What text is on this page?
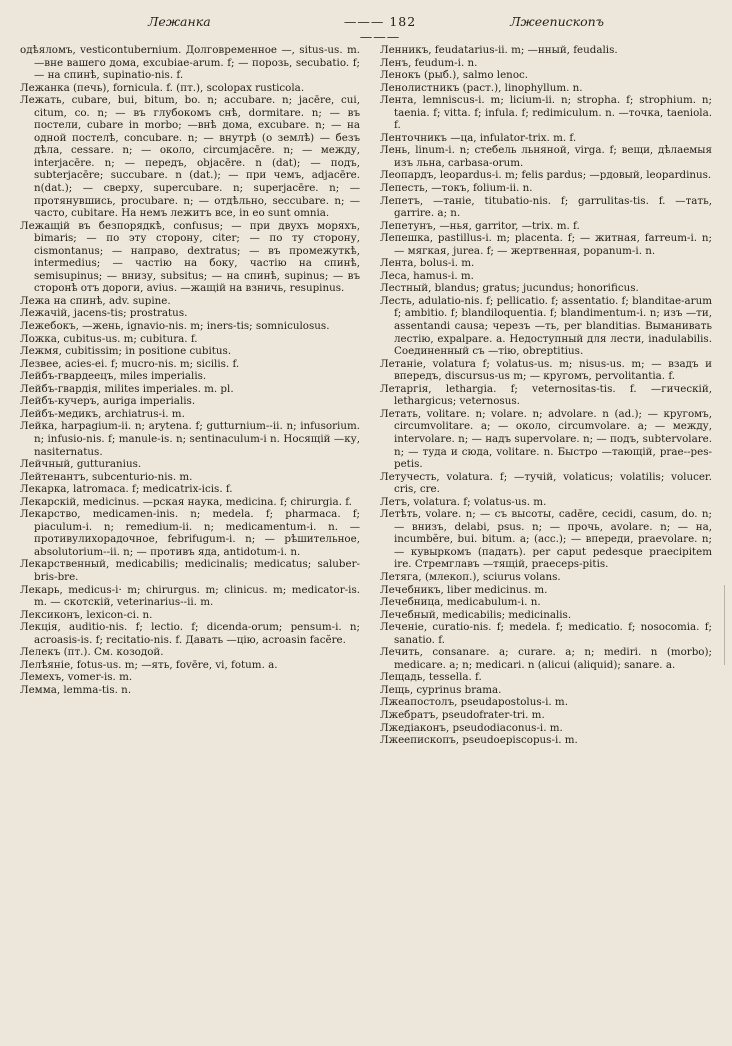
Лежанка	——— 182 ———
Лжеепископъ

одѣяломъ, vesticontubernium. Долговременное —, situs-us. m. —вне вашего дома, exсubiae-arum. f; — порозь, secubatio. f; — на спинѣ, supinatio-nis. f.

Лежанка (печь), fornicula. f. (пт.), scolopax rusticola.

Лежать, cubare, bui, bitum, bo. n; accubare. n; jacēre, cui, citum, co. n; — въ глубокомъ снѣ, dormitare. n; — въ постели, cubare in morbo; —внѣ дома, excubare. n; — на одной постелѣ, concubare. n; — внутрѣ (о землѣ) — безъ дѣла, cessare. n; — около, circumjacēre. n; — между, interjacēre. n; — передъ, objacēre. n (dat); — подъ, subterjacēre; succubare. n (dat.); — при чемъ, adjacēre. n(dat.); — сверху, supercubare. n; superjacēre. n; — протянувшись, procubare. n; — отдѣльно, seccubare. n; — часто, cubitare. На немъ лежитъ все, in eo sunt omnia.

Лежащій въ безпорядкѣ, confusus; — при двухъ моряхъ, bimaris; — по эту сторону, citer; — по ту сторону, cismontanus; — направо, dextratus; — въ промежуткѣ, intermedius; — частію на боку, частію на спинѣ, semisupinus; — внизу, subsitus; — на спинѣ, supinus; — въ сторонѣ отъ дороги, avius. —жащій на взничь, resupinus.

Лежа на спинѣ, adv. supine.

Лежачій, jacens-tis; prostratus.

Лежебокъ, —жень, ignavio-nis. m; iners-tis; somniculosus.

Ложка, cubitus-us. m; cubitura. f.

Лежмя, cubitissim; in positione cubitus.

Лезвее, acies-ei. f; mucro-nis. m; sicilis. f.

Лейбъ-гвардеецъ, miles imperialis.

Лейбъ-гвардія, milites imperiales. m. pl.

Лейбъ-кучеръ, auriga imperialis.

Лейбъ-медикъ, archiatrus-i. m.

Лейка, harpagium-ii. n; arytena. f; gutturnium--ii. n; infusorium. n; infusio-nis. f; manule-is. n; sentinaculum-i n. Носящій —ку, nasiternatus.

Лейчный, gutturanius.

Лейтенантъ, subcenturio-nis. m.

Лекарка, latromaca. f; medicatrix-icis. f.

Лекарскій, medicinus. —рская наука, medicina. f; chirurgia. f.

Лекарство, medicamen-inis. n; medela. f; pharmaca. f; piaculum-i. n; remedium-ii. n; medicamentum-i. n. — противулихорадочное, febrifugum-i. n; — рѣшительное, absolutorium--ii. n; — противъ яда, antidotum-i. n.

Лекарственный, medicabilis; medicinalis; medicatus; saluber-bris-bre.

Лекарь, medicus-i· m; chirurgus. m; clinicus. m; medicator-is. m. — скотскій, veterinarius--ii. m.

Лексиконъ, lexicon-ci. n.

Лекція, auditio-nis. f; lectio. f; dicenda-orum; pensum-i. n; acroasis-is. f; recitatio-nis. f. Давать —цію, acroasin facĕre.

Лелекъ (пт.). См. козодой.

Лелѣяніе, fotus-us. m; —ять, fovēre, vi, fotum. a.

Лемехъ, vomer-is. m.

Лемма, lemma-tis. n.

Ленникъ, feudatarius-ii. m; —нный, feudalis.

Ленъ, feudum-i. n.

Ленокъ (рыб.), salmo lenoc.

Ленолистникъ (раст.), linophyllum. n.

Лента, lemniscus-i. m; licium-ii. n; stropha. f; strophium. n; taenia. f; vitta. f; infula. f; redimiculum. n. —точка, taeniola. f.

Ленточникъ —ца, infulator-trix. m. f.

Лень, linum-i. n; стебель льняной, virga. f; вещи, дѣлаемыя изъ льна, carbasa-orum.

Леопардъ, leopardus-i. m; felis pardus; —рдовый, leopardinus.

Лепесть, —токъ, folium-ii. n.

Лепетъ, —таніе, titubatio-nis. f; garrulitas-tis. f. —тать, garrire. a; n.

Лепетунъ, —нья, garritor, —trix. m. f.

Лепешка, pastillus-i. m; placenta. f; — житная, farreum-i. n; — мягкая, jurea. f; — жертвенная, popanum-i. n.

Лента, bolus-i. m.

Леса, hamus-i. m.

Лестный, blandus; gratus; jucundus; honorificus.

Лесть, adulatio-nis. f; pellicatio. f; assentatio. f; blanditae-arum f; ambitio. f; blandiloquentia. f; blandimentum-i. n; изъ —ти, assentandi causa; черезъ —ть, per blanditias. Выманивать лестію, expalpare. a. Недоступный для лести, inadulabilis. Соединенный съ —тію, obreptitius.

Летаніе, volatura f; volatus-us. m; nisus-us. m; — взадъ и впередъ, discursus-us m; — кругомъ, pervolitantia. f.

Летаргія, lethargia. f; veternositas-tis. f. —гическій, lethargicus; veternosus.

Летать, volitare. n; volare. n; advolare. n (ad.); — кругомъ, circumvolitare. a; — около, circumvolare. a; — между, intervolare. n; — надъ supervolare. n; — подъ, subtervolare. n; — туда и сюда, volitare. n. Быстро —тающій, prae--pes-petis.

Летучесть, volatura. f; —тучій, volaticus; volatilis; volucer. cris, cre.

Летъ, volatura. f; volatus-us. m.

Летѣть, volare. n; — съ высоты, cadēre, cecidi, casum, do. n; — внизъ, delabi, psus. n; — прочь, avolare. n; — на, incumbĕre, bui. bitum. a; (acc.); — впереди, praevolare. n; — кувыркомъ (падать). per caput pedesque praecipitem ire. Стремглавъ —тящій, praeceps-pitis.

Летяга, (млекоп.), sciurus volans.

Лечебникъ, liber medicinus. m.

Лечебница, medicabulum-i. n.

Лечебный, medicabilis; medicinalis.

Леченіе, curatio-nis. f; medela. f; medicatio. f; nosocomia. f; sanatio. f.

Лечить, consanare. a; curare. a; n; mediri. n (morbo); medicare. a; n; medicari. n (alicui (aliquid); sanare. a.

Лещадь, tessella. f.

Лещь, cyprinus brama.

Лжеапостолъ, pseudapostolus-i. m.

Лжебратъ, pseudofrater-tri. m.

Лжедіаконъ, pseudodiaconus-i. m.

Лжеепископъ, pseudoepiscopus-i. m.
